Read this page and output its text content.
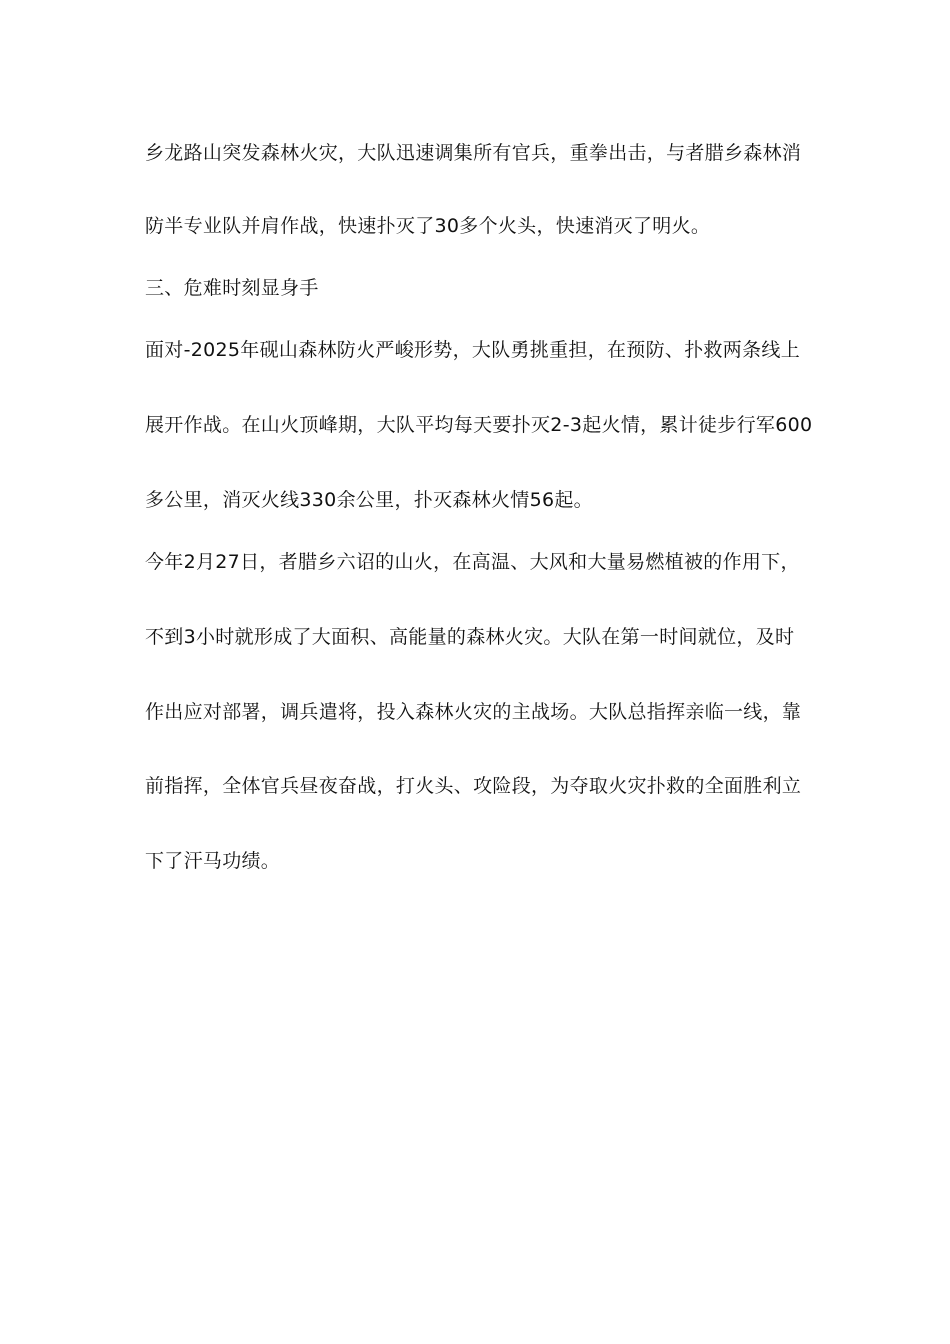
乡龙路山突发森林火灾，大队迅速调集所有官兵，重拳出击，与者腊乡森林消
防半专业队并肩作战，快速扑灭了30多个火头，快速消灭了明火。
三、危难时刻显身手
面对-2025年砚山森林防火严峻形势，大队勇挑重担，在预防、扑救两条线上
展开作战。在山火顶峰期，大队平均每天要扑灭2-3起火情，累计徒步行军600
多公里，消灭火线330余公里，扑灭森林火情56起。
今年2月27日，者腊乡六诏的山火，在高温、大风和大量易燃植被的作用下，
不到3小时就形成了大面积、高能量的森林火灾。大队在第一时间就位，及时
作出应对部署，调兵遣将，投入森林火灾的主战场。大队总指挥亲临一线，靠
前指挥，全体官兵昼夜奋战，打火头、攻险段，为夺取火灾扑救的全面胜利立
下了汗马功绩。
